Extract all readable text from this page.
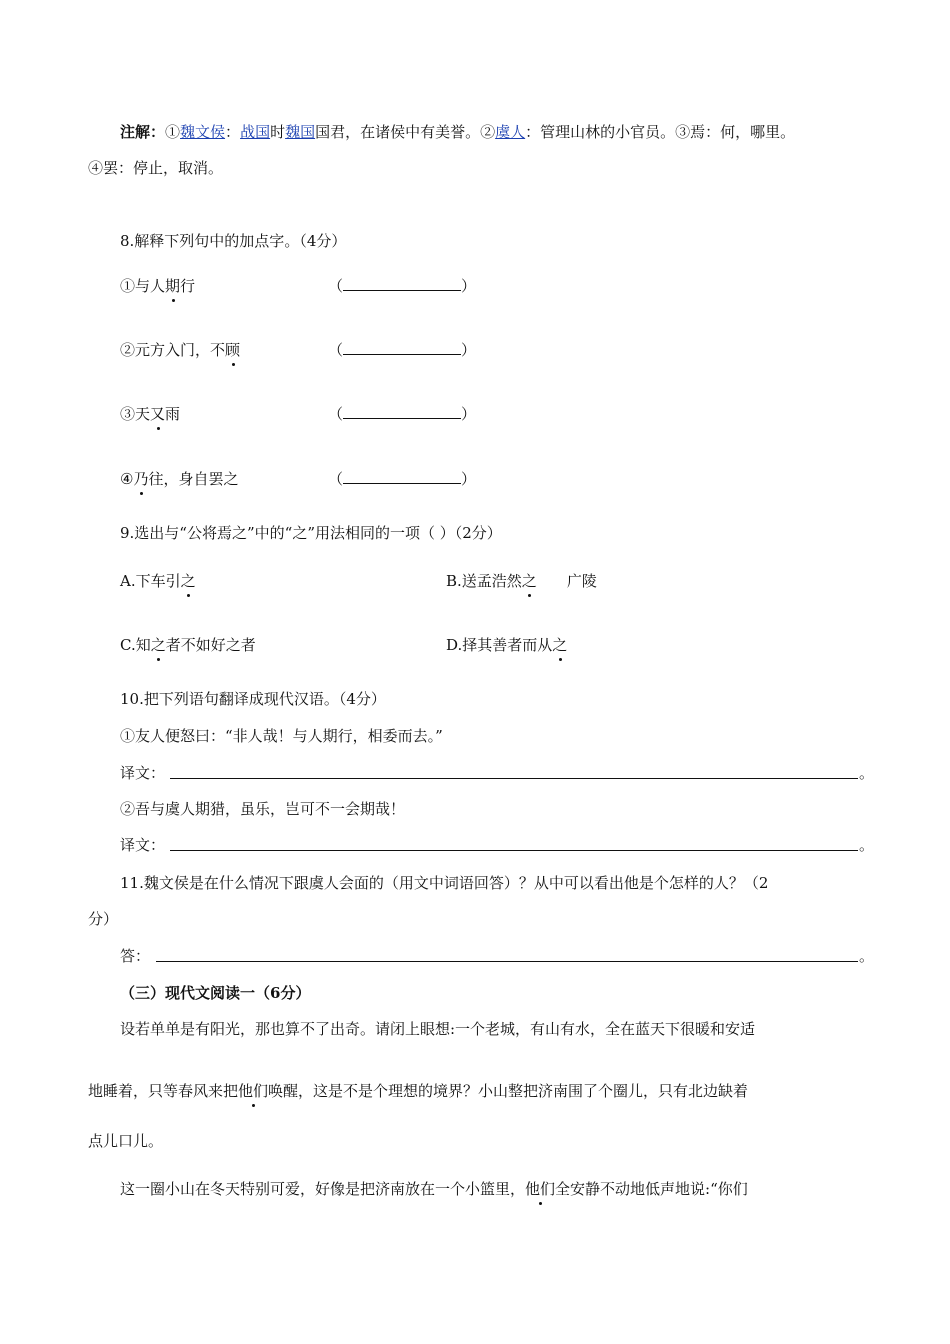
注解：①魏文侯：战国时魏国国君，在诸侯中有美誉。②虞人：管理山林的小官员。③焉：何，哪里。
④罢：停止，取消。
8.解释下列句中的加点字。（4分）
①与人期行	（	）
②元方入门，不顾	（	）
③天又雨	（	）
④乃往，身自罢之	（	）
9.选出与“公将焉之”中的“之”用法相同的一项（ ）（2分）
A.下车引之	B.送孟浩然之 广陵
C.知之者不如好之者	D.择其善者而从之
10.把下列语句翻译成现代汉语。（4分）
①友人便怒曰：“非人哉！与人期行，相委而去。”
译文：	。
②吾与虞人期猎，虽乐，岂可不一会期哉！
译文：	。
11.魏文侯是在什么情况下跟虞人会面的（用文中词语回答）？从中可以看出他是个怎样的人？（2
分）
答：	。
（三）现代文阅读一（6分）
设若单单是有阳光，那也算不了出奇。请闭上眼想:一个老城，有山有水，全在蓝天下很暖和安适
地睡着，只等春风来把他们唤醒，这是不是个理想的境界？小山整把济南围了个圈儿，只有北边缺着
点儿口儿。
这一圈小山在冬天特别可爱，好像是把济南放在一个小篮里，他们全安静不动地低声地说:“你们
